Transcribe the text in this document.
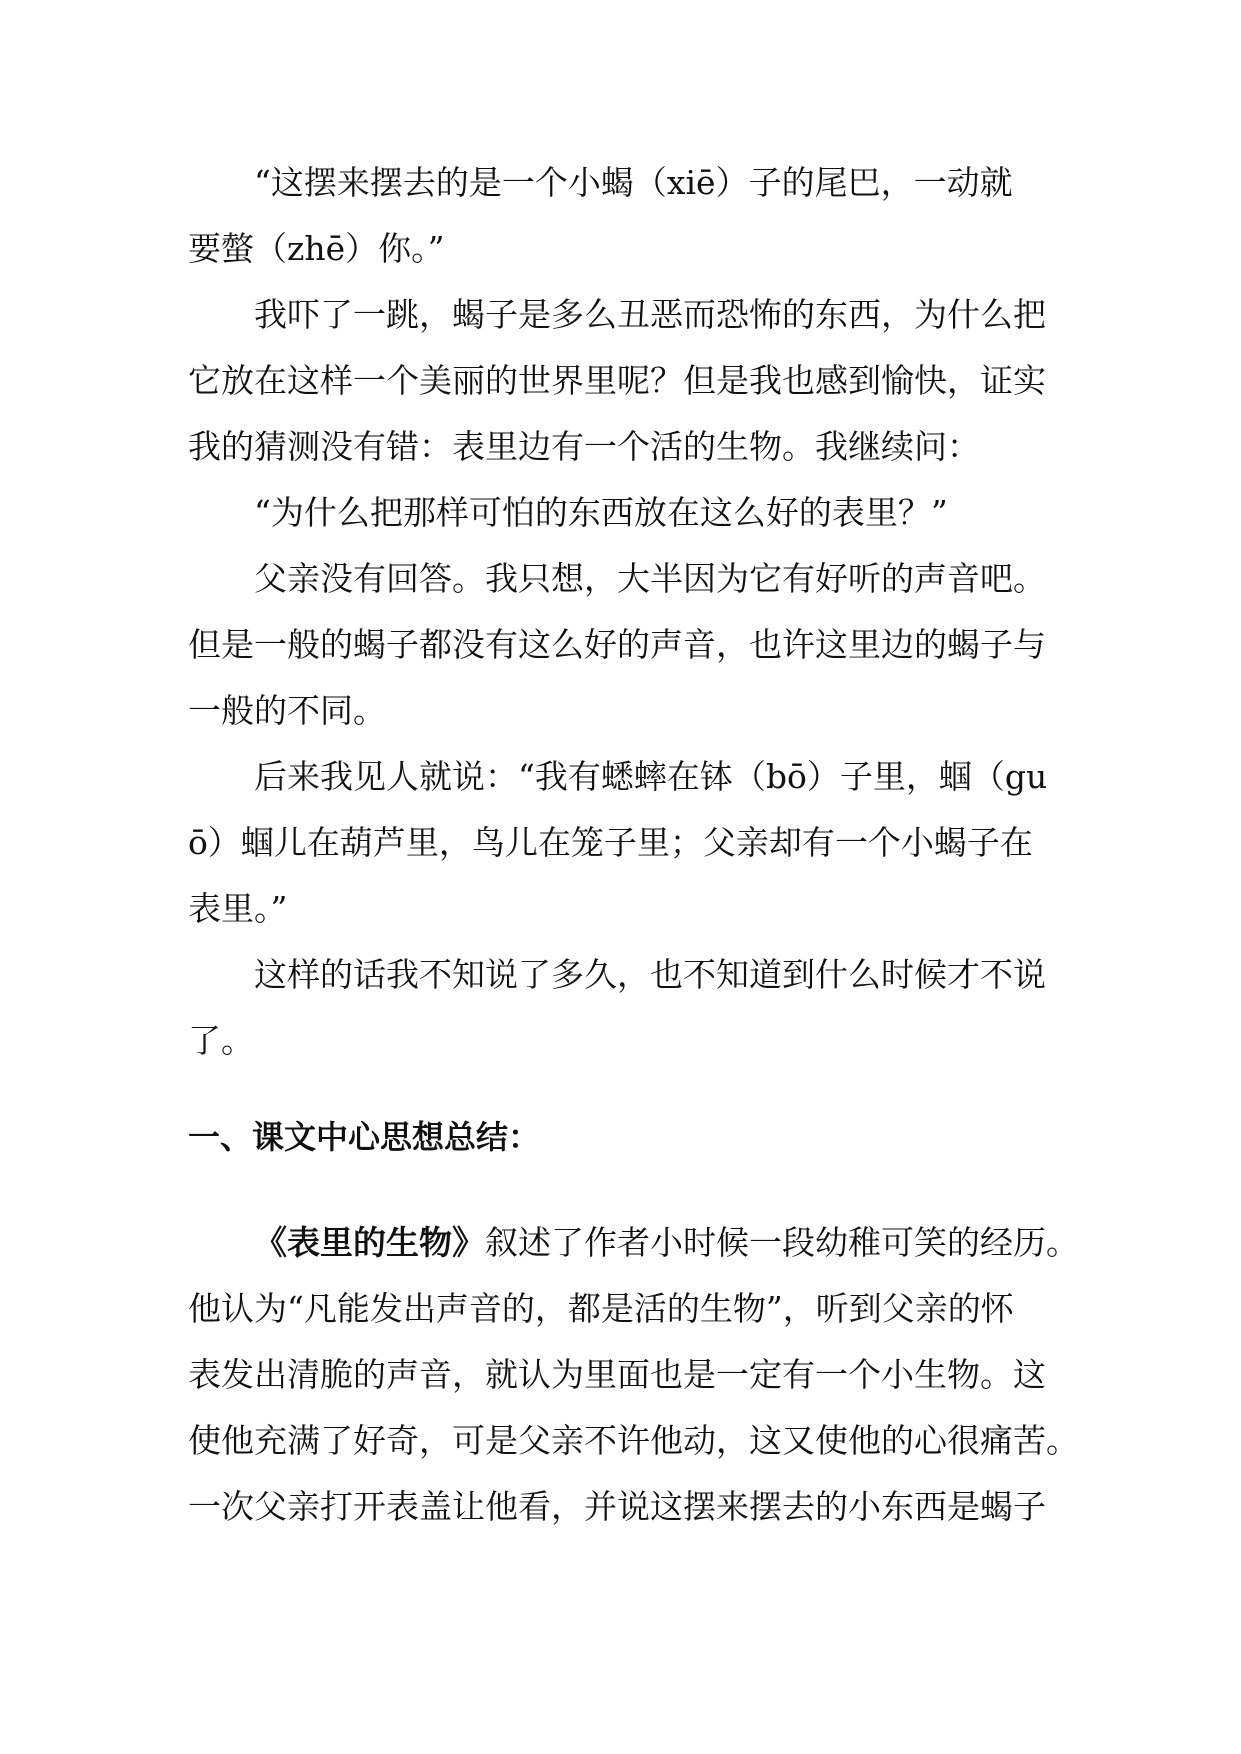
“这摆来摆去的是一个小蝎（xiē）子的尾巴，一动就
要螫（zhē）你。”

我吓了一跳，蝎子是多么丑恶而恐怖的东西，为什么把
它放在这样一个美丽的世界里呢？但是我也感到愉快，证实
我的猜测没有错：表里边有一个活的生物。我继续问：

“为什么把那样可怕的东西放在这么好的表里？”

父亲没有回答。我只想，大半因为它有好听的声音吧。
但是一般的蝎子都没有这么好的声音，也许这里边的蝎子与
一般的不同。

后来我见人就说：“我有蟋蟀在钵（bō）子里，蝈（gu
ō）蝈儿在葫芦里，鸟儿在笼子里；父亲却有一个小蝎子在
表里。”

这样的话我不知说了多久，也不知道到什么时候才不说
了。

一、课文中心思想总结：

《表里的生物》叙述了作者小时候一段幼稚可笑的经历。
他认为“凡能发出声音的，都是活的生物”，听到父亲的怀
表发出清脆的声音，就认为里面也是一定有一个小生物。这
使他充满了好奇，可是父亲不许他动，这又使他的心很痛苦。
一次父亲打开表盖让他看，并说这摆来摆去的小东西是蝎子
